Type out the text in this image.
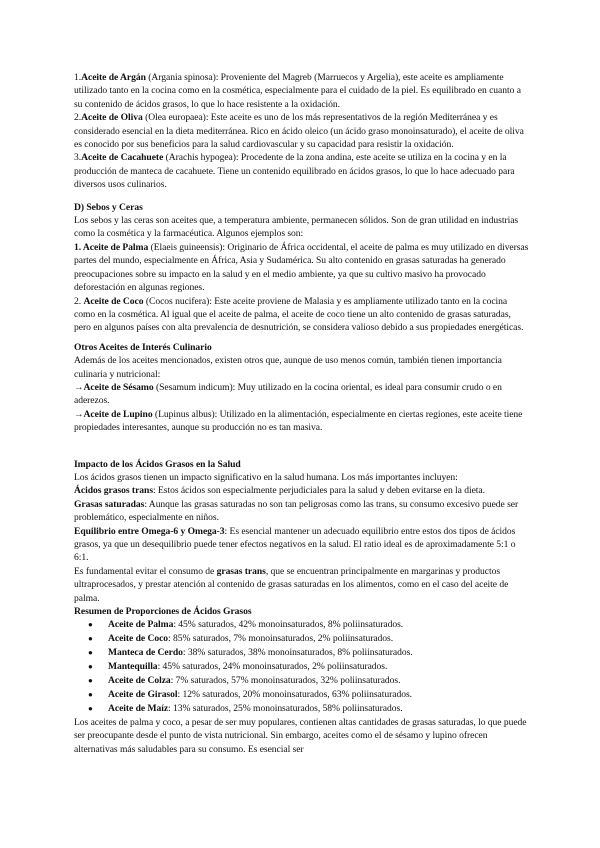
1.Aceite de Argán (Argania spinosa): Proveniente del Magreb (Marruecos y Argelia), este aceite es ampliamente utilizado tanto en la cocina como en la cosmética, especialmente para el cuidado de la piel. Es equilibrado en cuanto a su contenido de ácidos grasos, lo que lo hace resistente a la oxidación.

2.Aceite de Oliva (Olea europaea): Este aceite es uno de los más representativos de la región Mediterránea y es considerado esencial en la dieta mediterránea. Rico en ácido oleico (un ácido graso monoinsaturado), el aceite de oliva es conocido por sus beneficios para la salud cardiovascular y su capacidad para resistir la oxidación.

3.Aceite de Cacahuete (Arachis hypogea): Procedente de la zona andina, este aceite se utiliza en la cocina y en la producción de manteca de cacahuete. Tiene un contenido equilibrado en ácidos grasos, lo que lo hace adecuado para diversos usos culinarios.

D) Sebos y Ceras

Los sebos y las ceras son aceites que, a temperatura ambiente, permanecen sólidos. Son de gran utilidad en industrias como la cosmética y la farmacéutica. Algunos ejemplos son:

1. Aceite de Palma (Elaeis guineensis): Originario de África occidental, el aceite de palma es muy utilizado en diversas partes del mundo, especialmente en África, Asia y Sudamérica. Su alto contenido en grasas saturadas ha generado preocupaciones sobre su impacto en la salud y en el medio ambiente, ya que su cultivo masivo ha provocado deforestación en algunas regiones.

2. Aceite de Coco (Cocos nucifera): Este aceite proviene de Malasia y es ampliamente utilizado tanto en la cocina como en la cosmética. Al igual que el aceite de palma, el aceite de coco tiene un alto contenido de grasas saturadas, pero en algunos países con alta prevalencia de desnutrición, se considera valioso debido a sus propiedades energéticas.

Otros Aceites de Interés Culinario

Además de los aceites mencionados, existen otros que, aunque de uso menos común, también tienen importancia culinaria y nutricional:

→Aceite de Sésamo (Sesamum indicum): Muy utilizado en la cocina oriental, es ideal para consumir crudo o en aderezos.

→Aceite de Lupino (Lupinus albus): Utilizado en la alimentación, especialmente en ciertas regiones, este aceite tiene propiedades interesantes, aunque su producción no es tan masiva.

Impacto de los Ácidos Grasos en la Salud

Los ácidos grasos tienen un impacto significativo en la salud humana. Los más importantes incluyen:

Ácidos grasos trans: Estos ácidos son especialmente perjudiciales para la salud y deben evitarse en la dieta.

Grasas saturadas: Aunque las grasas saturadas no son tan peligrosas como las trans, su consumo excesivo puede ser problemático, especialmente en niños.

Equilibrio entre Omega-6 y Omega-3: Es esencial mantener un adecuado equilibrio entre estos dos tipos de ácidos grasos, ya que un desequilibrio puede tener efectos negativos en la salud. El ratio ideal es de aproximadamente 5:1 o 6:1.

Es fundamental evitar el consumo de grasas trans, que se encuentran principalmente en margarinas y productos ultraprocesados, y prestar atención al contenido de grasas saturadas en los alimentos, como en el caso del aceite de palma.

Resumen de Proporciones de Ácidos Grasos
● Aceite de Palma: 45% saturados, 42% monoinsaturados, 8% poliinsaturados.
● Aceite de Coco: 85% saturados, 7% monoinsaturados, 2% poliinsaturados.
● Manteca de Cerdo: 38% saturados, 38% monoinsaturados, 8% poliinsaturados.
● Mantequilla: 45% saturados, 24% monoinsaturados, 2% poliinsaturados.
● Aceite de Colza: 7% saturados, 57% monoinsaturados, 32% poliinsaturados.
● Aceite de Girasol: 12% saturados, 20% monoinsaturados, 63% poliinsaturados.
● Aceite de Maíz: 13% saturados, 25% monoinsaturados, 58% poliinsaturados.

Los aceites de palma y coco, a pesar de ser muy populares, contienen altas cantidades de grasas saturadas, lo que puede ser preocupante desde el punto de vista nutricional. Sin embargo, aceites como el de sésamo y lupino ofrecen alternativas más saludables para su consumo. Es esencial ser
